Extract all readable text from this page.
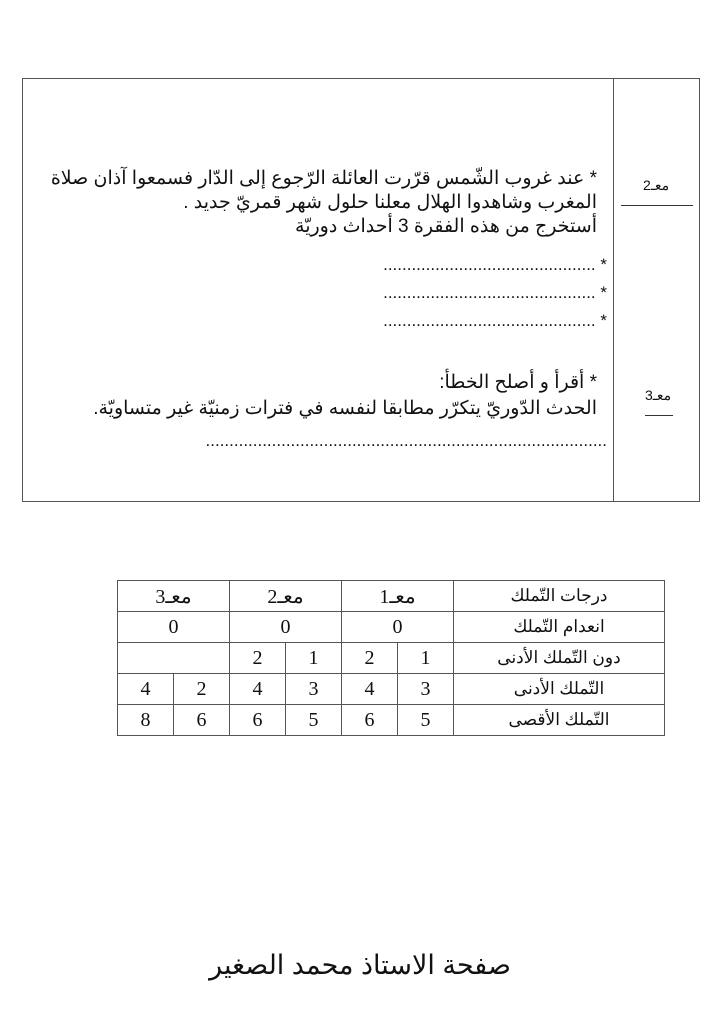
معـ2
* عند غروب الشّمس قرّرت العائلة الرّجوع إلى الدّار فسمعوا آذان صلاة
المغرب وشاهدوا الهلال معلنا حلول شهر قمريّ جديد .
أستخرج من هذه الفقرة 3 أحداث دوريّة
* .............................................
* .............................................
* .............................................
معـ3
* أقرأ و أصلح الخطأ:
الحدث الدّوريّ يتكرّر مطابقا لنفسه في فترات زمنيّة غير متساويّة.
.....................................................................................
درجات التّملك	معـ1		معـ2		معـ3	
انعدام التّملك	0		0		0	
دون التّملك الأدنى	1	2	1	2		
التّملك الأدنى	3	4	3	4	2	4
التّملك الأقصى	5	6	5	6	6	8
صفحة الاستاذ محمد الصغير
